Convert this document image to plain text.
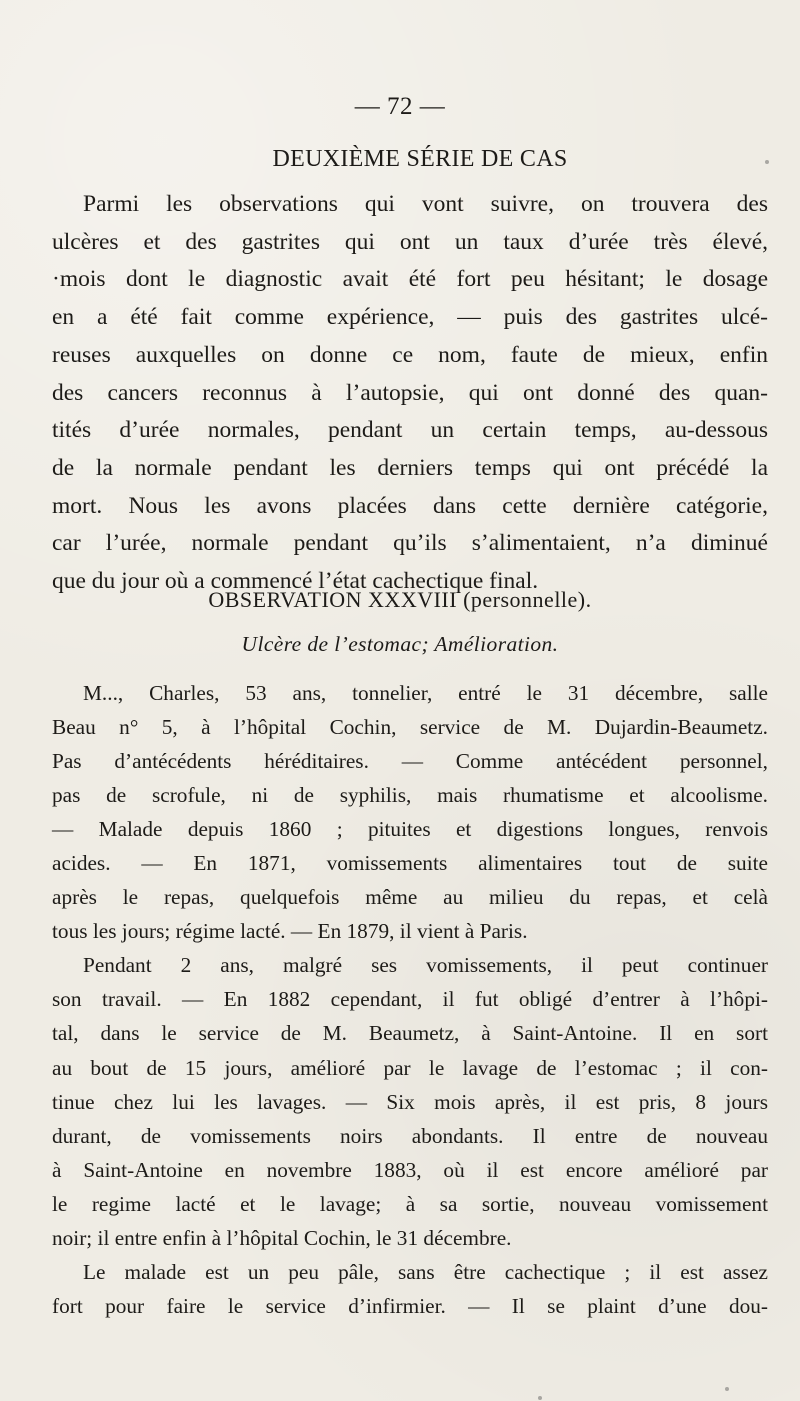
— 72 —
DEUXIÈME SÉRIE DE CAS
Parmi les observations qui vont suivre, on trouvera des
ulcères et des gastrites qui ont un taux d’urée très élevé,
·mois dont le diagnostic avait été fort peu hésitant; le dosage
en a été fait comme expérience, — puis des gastrites ulcé-
reuses auxquelles on donne ce nom, faute de mieux, enfin
des cancers reconnus à l’autopsie, qui ont donné des quan-
tités d’urée normales, pendant un certain temps, au-dessous
de la normale pendant les derniers temps qui ont précédé la
mort. Nous les avons placées dans cette dernière catégorie,
car l’urée, normale pendant qu’ils s’alimentaient, n’a diminué
que du jour où a commencé l’état cachectique final.
OBSERVATION XXXVIII (personnelle).
Ulcère de l’estomac; Amélioration.
M..., Charles, 53 ans, tonnelier, entré le 31 décembre, salle
Beau n° 5, à l’hôpital Cochin, service de M. Dujardin-Beaumetz.
Pas d’antécédents héréditaires. — Comme antécédent personnel,
pas de scrofule, ni de syphilis, mais rhumatisme et alcoolisme.
— Malade depuis 1860 ; pituites et digestions longues, renvois
acides. — En 1871, vomissements alimentaires tout de suite
après le repas, quelquefois même au milieu du repas, et celà
tous les jours; régime lacté. — En 1879, il vient à Paris.
Pendant 2 ans, malgré ses vomissements, il peut continuer
son travail. — En 1882 cependant, il fut obligé d’entrer à l’hôpi-
tal, dans le service de M. Beaumetz, à Saint-Antoine. Il en sort
au bout de 15 jours, amélioré par le lavage de l’estomac ; il con-
tinue chez lui les lavages. — Six mois après, il est pris, 8 jours
durant, de vomissements noirs abondants. Il entre de nouveau
à Saint-Antoine en novembre 1883, où il est encore amélioré par
le regime lacté et le lavage; à sa sortie, nouveau vomissement
noir; il entre enfin à l’hôpital Cochin, le 31 décembre.
Le malade est un peu pâle, sans être cachectique ; il est assez
fort pour faire le service d’infirmier. — Il se plaint d’une dou-
